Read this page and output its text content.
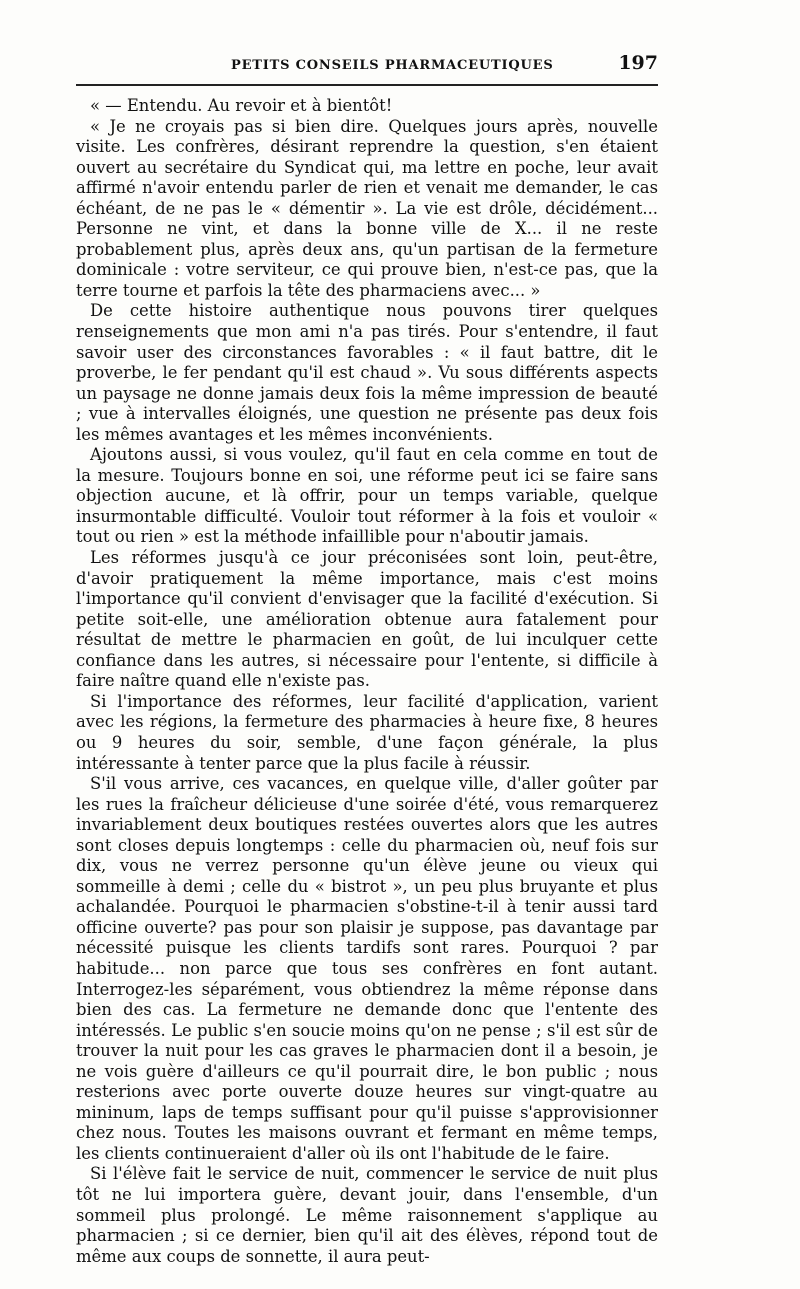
PETITS CONSEILS PHARMACEUTIQUES	197

« — Entendu. Au revoir et à bientôt!

« Je ne croyais pas si bien dire. Quelques jours après, nouvelle visite. Les confrères, désirant reprendre la question, s'en étaient ouvert au secrétaire du Syndicat qui, ma lettre en poche, leur avait affirmé n'avoir entendu parler de rien et venait me demander, le cas échéant, de ne pas le « démentir ». La vie est drôle, décidément... Personne ne vint, et dans la bonne ville de X... il ne reste probablement plus, après deux ans, qu'un partisan de la fermeture dominicale : votre serviteur, ce qui prouve bien, n'est-ce pas, que la terre tourne et parfois la tête des pharmaciens avec... »

De cette histoire authentique nous pouvons tirer quelques renseignements que mon ami n'a pas tirés. Pour s'entendre, il faut savoir user des circonstances favorables : « il faut battre, dit le proverbe, le fer pendant qu'il est chaud ». Vu sous différents aspects un paysage ne donne jamais deux fois la même impression de beauté ; vue à intervalles éloignés, une question ne présente pas deux fois les mêmes avantages et les mêmes inconvénients.

Ajoutons aussi, si vous voulez, qu'il faut en cela comme en tout de la mesure. Toujours bonne en soi, une réforme peut ici se faire sans objection aucune, et là offrir, pour un temps variable, quelque insurmontable difficulté. Vouloir tout réformer à la fois et vouloir « tout ou rien » est la méthode infaillible pour n'aboutir jamais.

Les réformes jusqu'à ce jour préconisées sont loin, peut-être, d'avoir pratiquement la même importance, mais c'est moins l'importance qu'il convient d'envisager que la facilité d'exécution. Si petite soit-elle, une amélioration obtenue aura fatalement pour résultat de mettre le pharmacien en goût, de lui inculquer cette confiance dans les autres, si nécessaire pour l'entente, si difficile à faire naître quand elle n'existe pas.

Si l'importance des réformes, leur facilité d'application, varient avec les régions, la fermeture des pharmacies à heure fixe, 8 heures ou 9 heures du soir, semble, d'une façon générale, la plus intéressante à tenter parce que la plus facile à réussir.

S'il vous arrive, ces vacances, en quelque ville, d'aller goûter par les rues la fraîcheur délicieuse d'une soirée d'été, vous remarquerez invariablement deux boutiques restées ouvertes alors que les autres sont closes depuis longtemps : celle du pharmacien où, neuf fois sur dix, vous ne verrez personne qu'un élève jeune ou vieux qui sommeille à demi ; celle du « bistrot », un peu plus bruyante et plus achalandée. Pourquoi le pharmacien s'obstine-t-il à tenir aussi tard officine ouverte? pas pour son plaisir je suppose, pas davantage par nécessité puisque les clients tardifs sont rares. Pourquoi ? par habitude... non parce que tous ses confrères en font autant. Interrogez-les séparément, vous obtiendrez la même réponse dans bien des cas. La fermeture ne demande donc que l'entente des intéressés. Le public s'en soucie moins qu'on ne pense ; s'il est sûr de trouver la nuit pour les cas graves le pharmacien dont il a besoin, je ne vois guère d'ailleurs ce qu'il pourrait dire, le bon public ; nous resterions avec porte ouverte douze heures sur vingt-quatre au mininum, laps de temps suffisant pour qu'il puisse s'approvisionner chez nous. Toutes les maisons ouvrant et fermant en même temps, les clients continueraient d'aller où ils ont l'habitude de le faire.

Si l'élève fait le service de nuit, commencer le service de nuit plus tôt ne lui importera guère, devant jouir, dans l'ensemble, d'un sommeil plus prolongé. Le même raisonnement s'applique au pharmacien ; si ce dernier, bien qu'il ait des élèves, répond tout de même aux coups de sonnette, il aura peut-
